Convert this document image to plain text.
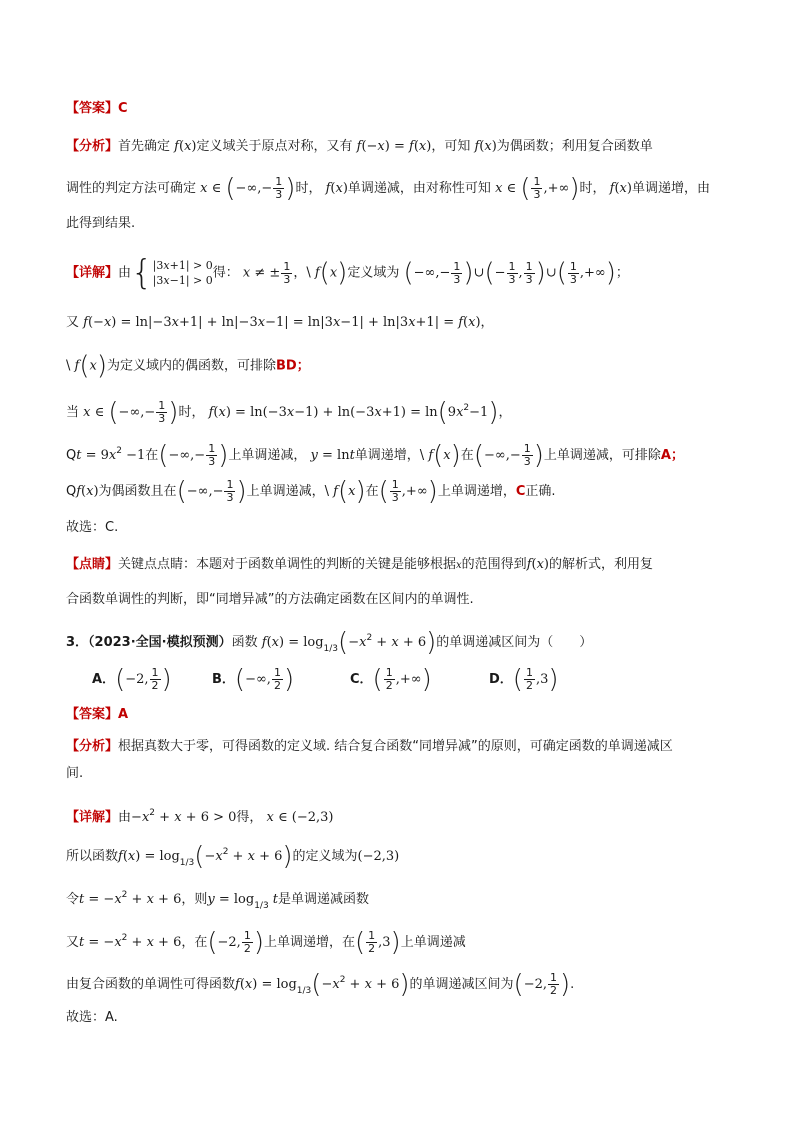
【答案】C
【分析】首先确定 f(x)定义域关于原点对称，又有 f(−x) = f(x)，可知 f(x)为偶函数；利用复合函数单
调性的判定方法可确定 x ∈ (−∞,− $\frac{1}{3}$ )时， f(x)单调递减，由对称性可知 x ∈ ( $\frac{1}{3}$ ,+∞)时， f(x)单调递增，由
此得到结果.
【详解】由{ |3x+1| > 0
|3x−1| > 0 得： x ≠ ± $\frac{1}{3}$ ，\ f(x)定义域为 (−∞,− $\frac{1}{3}$ )∪(− $\frac{1}{3}$ , $\frac{1}{3}$ )∪( $\frac{1}{3}$ ,+∞)；
又 f(−x) = ln|−3x+1| + ln|−3x−1| = ln|3x−1| + ln|3x+1| = f(x)，
\ f(x)为定义域内的偶函数，可排除BD；
当 x ∈ (−∞,− $\frac{1}{3}$ )时， $f(x) = \ln(-3x-1) + \ln(-3x+1) = \ln(9x^2-1)$，
$Qt = 9x^2 -1$在(−∞,− $\frac{1}{3}$ )上单调递减， y = lnt单调递增，\ f(x)在(−∞,− $\frac{1}{3}$ )上单调递减，可排除A；
Qf(x)为偶函数且在(−∞,− $\frac{1}{3}$ )上单调递减，\ f(x)在( $\frac{1}{3}$ ,+∞)上单调递增，C正确.
故选：C.
【点睛】关键点点睛：本题对于函数单调性的判断的关键是能够根据x的范围得到f(x)的解析式，利用复
合函数单调性的判断，即“同增异减”的方法确定函数在区间内的单调性.
3．（2023·全国·模拟预测）函数 $f(x) = \log_{1/3}(-x^2 + x + 6)$的单调递减区间为（　　）
A．(−2, $\frac{1}{2}$ )	B．(−∞, $\frac{1}{2}$ )	C．( $\frac{1}{2}$ ,+∞)	D．( $\frac{1}{2} ,3$)
【答案】A
【分析】根据真数大于零，可得函数的定义域. 结合复合函数“同增异减”的原则，可确定函数的单调递减区
间.
【详解】由$-x^2 + x + 6 > 0$得， x ∈ (−2,3)
所以函数$f(x) = \log_{1/3}(-x^2 + x + 6)$的定义域为(−2,3)
令$t = -x^2 + x + 6$，则$y = \log_{1/3} t$是单调递减函数
又$t = -x^2 + x + 6$，在(−2, $\frac{1}{2}$ )上单调递增，在( $\frac{1}{2} ,3$)上单调递减
由复合函数的单调性可得函数$f(x) = \log_{1/3}(-x^2 + x + 6)$的单调递减区间为(−2, $\frac{1}{2}$ ).
故选：A.
